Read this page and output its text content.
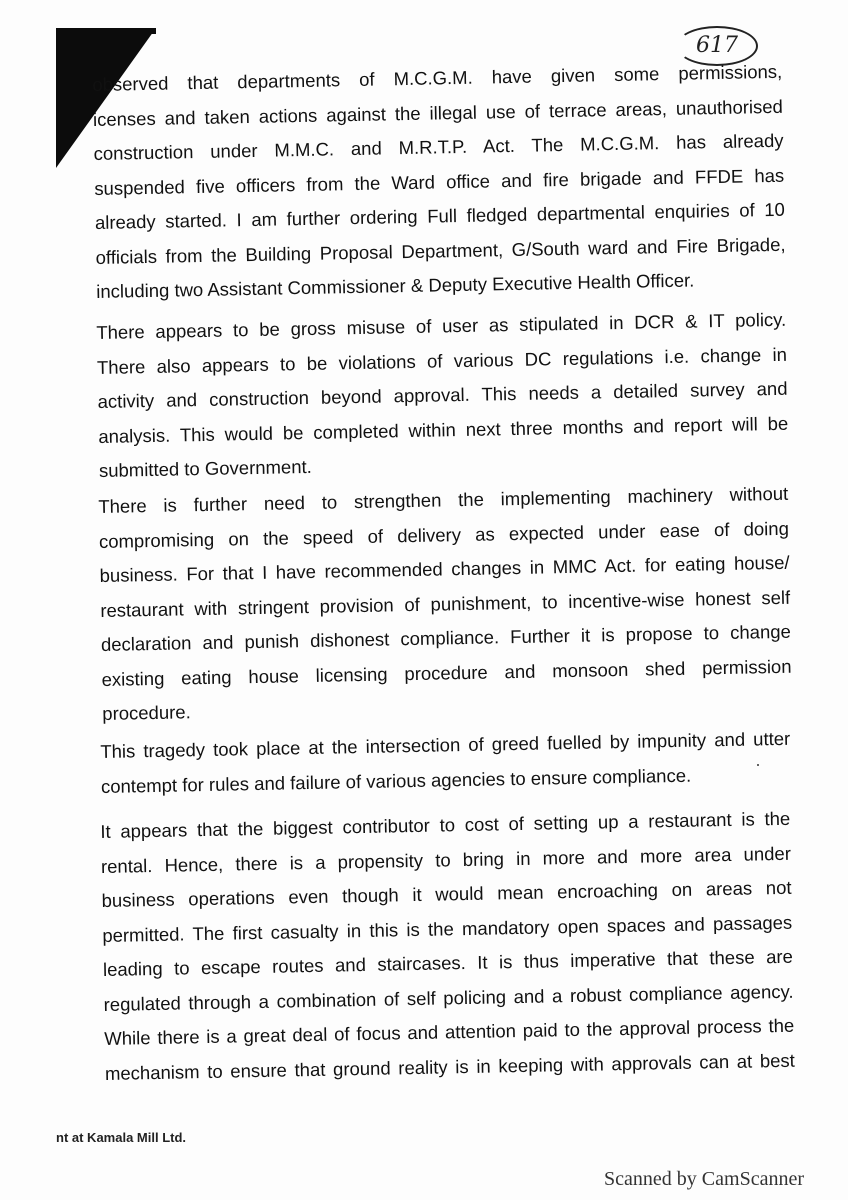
617
observed that departments of M.C.G.M. have given some permissions,
icenses and taken actions against the illegal use of terrace areas, unauthorised
construction under M.M.C. and M.R.T.P. Act. The M.C.G.M. has already
suspended five officers from the Ward office and fire brigade and FFDE has
already started. I am further ordering Full fledged departmental enquiries of 10
officials from the Building Proposal Department, G/South ward and Fire Brigade,
including two Assistant Commissioner & Deputy Executive Health Officer.
There appears to be gross misuse of user as stipulated in DCR & IT policy.
There also appears to be violations of various DC regulations i.e. change in
activity and construction beyond approval. This needs a detailed survey and
analysis. This would be completed within next three months and report will be
submitted to Government.
There is further need to strengthen the implementing machinery without
compromising on the speed of delivery as expected under ease of doing
business. For that I have recommended changes in MMC Act. for eating house/
restaurant with stringent provision of punishment, to incentive-wise honest self
declaration and punish dishonest compliance. Further it is propose to change
existing eating house licensing procedure and monsoon shed permission
procedure.
This tragedy took place at the intersection of greed fuelled by impunity and utter
contempt for rules and failure of various agencies to ensure compliance.
It appears that the biggest contributor to cost of setting up a restaurant is the
rental. Hence, there is a propensity to bring in more and more area under
business operations even though it would mean encroaching on areas not
permitted. The first casualty in this is the mandatory open spaces and passages
leading to escape routes and staircases. It is thus imperative that these are
regulated through a combination of self policing and a robust compliance agency.
While there is a great deal of focus and attention paid to the approval process the
mechanism to ensure that ground reality is in keeping with approvals can at best
nt at Kamala Mill Ltd.
Scanned by CamScanner
